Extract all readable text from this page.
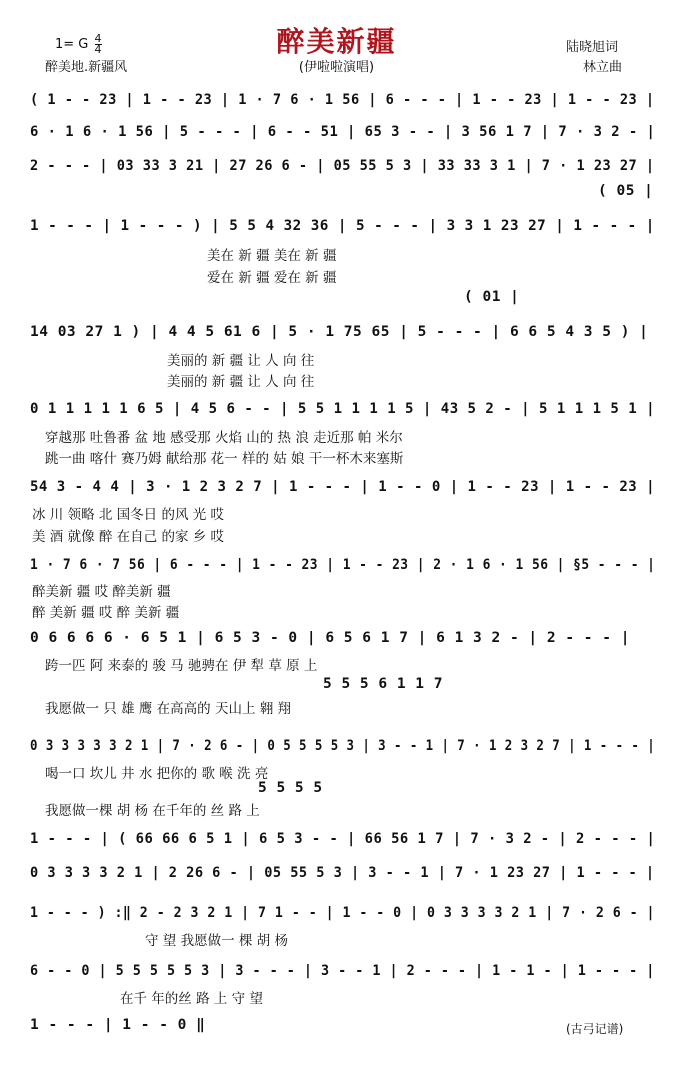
醉美新疆
1= G $\frac{4}{4}$
醉美地.新疆风	(伊啦啦演唱)
陆晓旭词
林立曲
( 1 - - 23 | 1 - - 23 | 1 · 7 6 · 1 56 | 6 - - - | 1 - - 23 | 1 - - 23 |
6 · 1 6 · 1 56 | 5 - - - | 6 - - 51 | 65 3 - - | 3 56 1 7 | 7 · 3 2 - |
2 - - - | 03 33 3 21 | 27 26 6 - | 05 55 5 3 | 33 33 3 1 | 7 · 1 23 27 |
( 05 |
1 - - - | 1 - - - ) | 5 5 4 32 36 | 5 - - - | 3 3 1 23 27 | 1 - - - |
美在 新 疆 美在 新 疆
爱在 新 疆 爱在 新 疆
( 01 |
14 03 27 1 ) | 4 4 5 61 6 | 5 · 1 75 65 | 5 - - - | 6 6 5 4 3 5 ) |
美丽的 新 疆 让 人 向 往
美丽的 新 疆 让 人 向 往
0 1 1 1 1 1 6 5 | 4 5 6 - - | 5 5 1 1 1 1 5 | 43 5 2 - | 5 1 1 1 5 1 |
穿越那 吐鲁番 盆 地 感受那 火焰 山的 热 浪 走近那 帕 米尔
跳一曲 喀什 赛乃姆 献给那 花一 样的 姑 娘 干一杯木来塞斯
54 3 - 4 4 | 3 · 1 2 3 2 7 | 1 - - - | 1 - - 0 | 1 - - 23 | 1 - - 23 |
冰 川 领略 北 国冬日 的风 光 哎
美 酒 就像 醉 在自己 的家 乡 哎
1 · 7 6 · 7 56 | 6 - - - | 1 - - 23 | 1 - - 23 | 2 · 1 6 · 1 56 | §5 - - - |
醉美新 疆 哎 醉美新 疆
醉 美新 疆 哎 醉 美新 疆
0 6 6 6 6 · 6 5 1 | 6 5 3 - 0 | 6 5 6 1 7 | 6 1 3 2 - | 2 - - - |
跨一匹 阿 来泰的 骏 马 驰骋在 伊 犁 草 原 上
5 5 5 6 1 1 7
我愿做一 只 雄 鹰 在高高的 天山上 翱 翔
0 3 3 3 3 3 2 1 | 7 · 2 6 - | 0 5 5 5 5 3 | 3 - - 1 | 7 · 1 2 3 2 7 | 1 - - - |
喝一口 坎儿 井 水 把你的 歌 喉 洗 亮
5 5 5 5
我愿做一棵 胡 杨 在千年的 丝 路 上
1 - - - | ( 66 66 6 5 1 | 6 5 3 - - | 66 56 1 7 | 7 · 3 2 - | 2 - - - |
0 3 3 3 3 2 1 | 2 26 6 - | 05 55 5 3 | 3 - - 1 | 7 · 1 23 27 | 1 - - - |
1 - - - ) :‖ 2 - 2 3 2 1 | 7 1 - - | 1 - - 0 | 0 3 3 3 3 2 1 | 7 · 2 6 - |
守 望 我愿做一 棵 胡 杨
6 - - 0 | 5 5 5 5 5 3 | 3 - - - | 3 - - 1 | 2 - - - | 1 - 1 - | 1 - - - |
在千 年的丝 路 上 守 望
1 - - - | 1 - - 0 ‖	(古弓记谱)
